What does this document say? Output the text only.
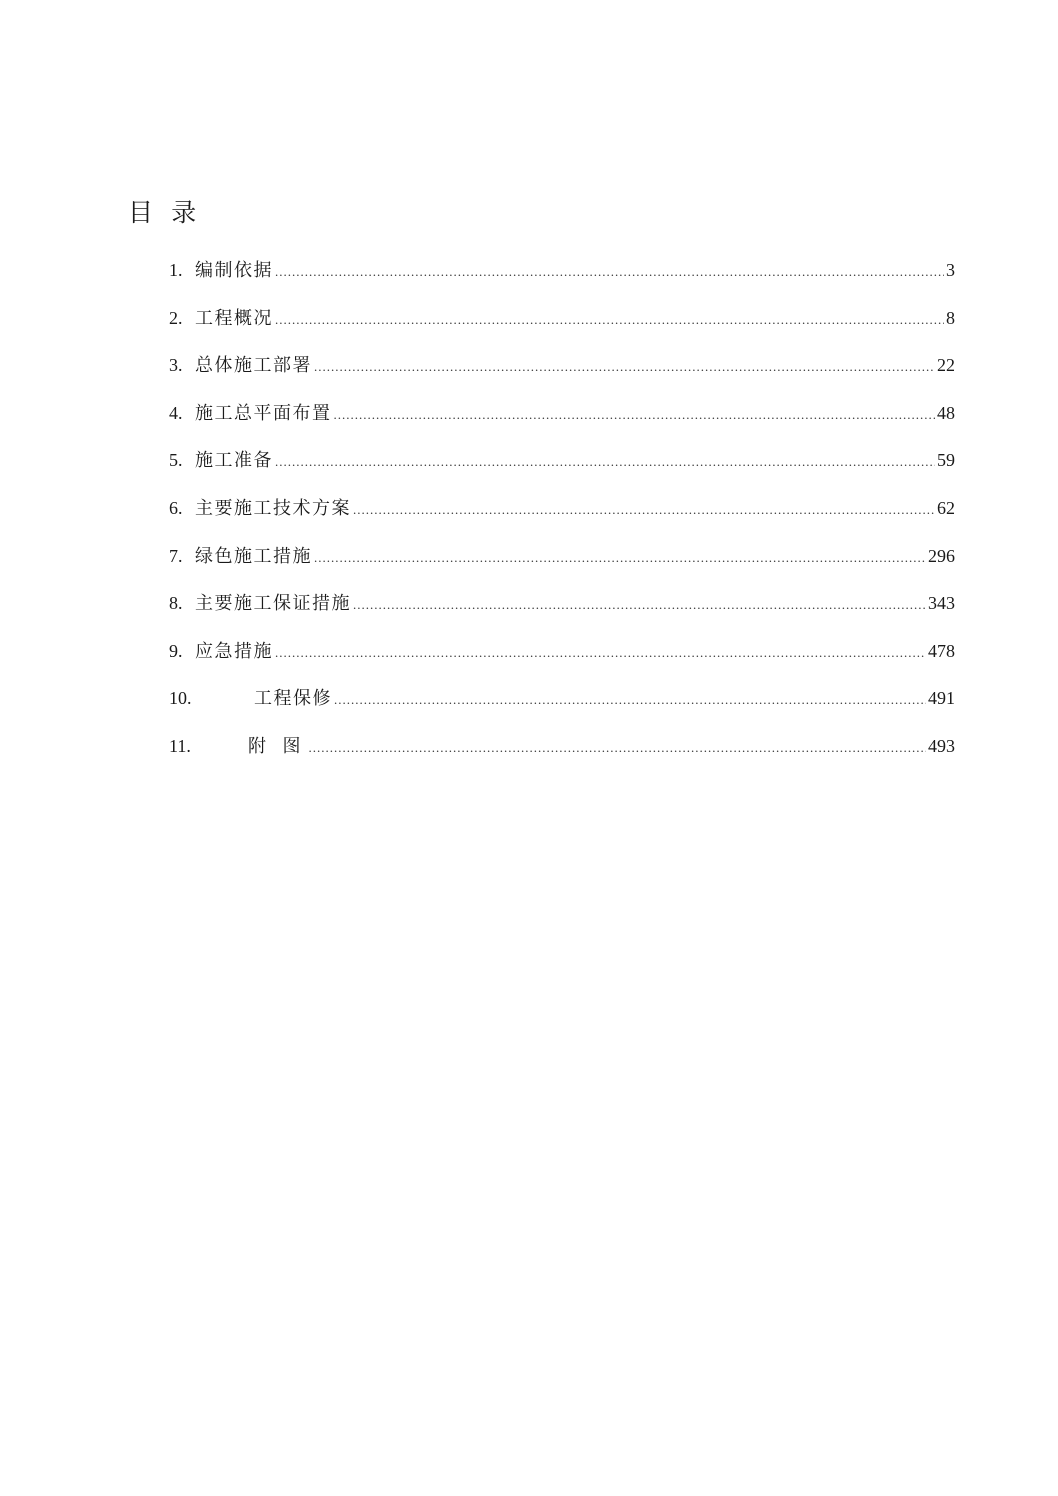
目 录
1. 编制依据 .....	3
2. 工程概况 .....	8
3. 总体施工部署 .....	22
4. 施工总平面布置 .....	48
5. 施工准备 .....	59
6. 主要施工技术方案 .....	62
7. 绿色施工措施 .....	296
8. 主要施工保证措施 .....	343
9. 应急措施 .....	478
10.	工程保修 .....	491
11.	附 图 .....	493
